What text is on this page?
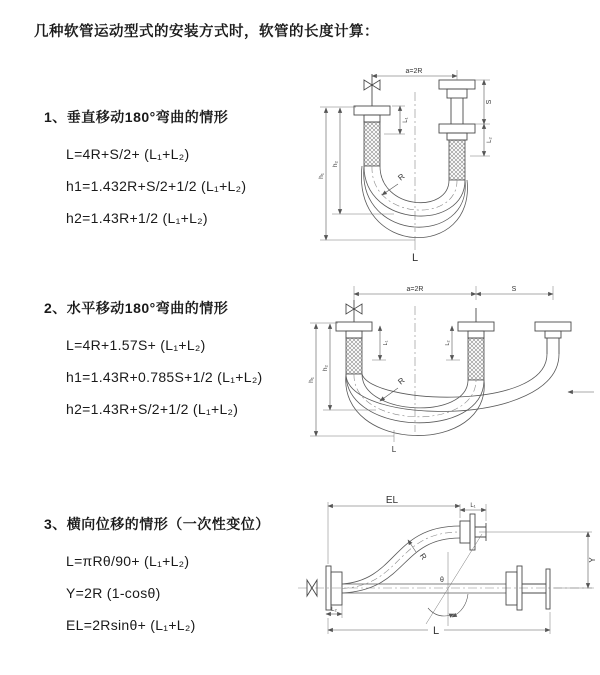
几种软管运动型式的安装方式时，软管的长度计算：
1、垂直移动180°弯曲的情形
L=4R+S/2+ (L₁+L₂)
h1=1.432R+S/2+1/2 (L₁+L₂)
h2=1.43R+1/2 (L₁+L₂)
2、水平移动180°弯曲的情形
L=4R+1.57S+ (L₁+L₂)
h1=1.43R+0.785S+1/2 (L₁+L₂)
h2=1.43R+S/2+1/2 (L₁+L₂)
3、横向位移的情形（一次性变位）
L=πRθ/90+ (L₁+L₂)
Y=2R (1-cosθ)
EL=2Rsinθ+ (L₁+L₂)
a=2R
S
L₂
L₁
h₁
h₂
R
L
a=2R	S
L₁	L₂
h₁
h₂
R
L
EL	L₁
Y
R
θ
L₂
L
